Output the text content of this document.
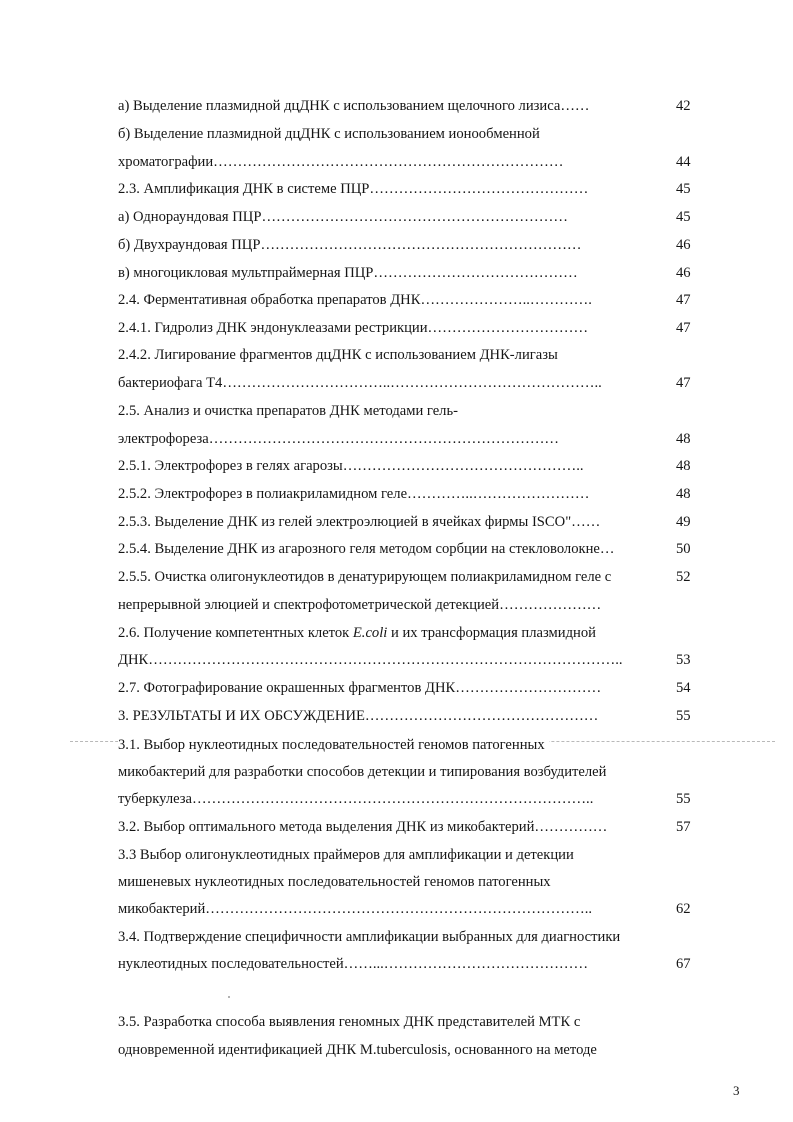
а) Выделение плазмидной дцДНК с использованием щелочного лизиса……	42
б) Выделение плазмидной дцДНК с использованием ионообменной
хроматографии………………………………………………………………	44
2.3. Амплификация ДНК в системе ПЦР………………………………………	45
а) Однораундовая ПЦР………………………………………………………	45
б) Двухраундовая ПЦР…………………………………………………………	46
в) многоцикловая мультпраймерная ПЦР……………………………………	46
2.4. Ферментативная обработка препаратов ДНК…………………..………….	47
2.4.1. Гидролиз ДНК эндонуклеазами рестрикции……………………………	47
2.4.2. Лигирование фрагментов дцДНК с использованием ДНК-лигазы
бактериофага Т4……………………………..……………………………………..	47
2.5. Анализ и очистка препаратов ДНК методами гель-
электрофореза………………………………………………………………	48
2.5.1. Электрофорез в гелях агарозы…………………………………………..	48
2.5.2. Электрофорез в полиакриламидном геле…………..……………………	48
2.5.3. Выделение ДНК из гелей электроэлюцией в ячейках фирмы ISCO"……	49
2.5.4. Выделение ДНК из агарозного геля методом сорбции на стекловолокне…	50
2.5.5. Очистка олигонуклеотидов в денатурирующем полиакриламидном геле с	52
непрерывной элюцией и спектрофотометрической детекцией…………………
2.6. Получение компетентных клеток E.coli и их трансформация плазмидной
ДНК……………………………………………………………………………………..	53
2.7. Фотографирование окрашенных фрагментов ДНК…………………………	54
3. РЕЗУЛЬТАТЫ И ИХ ОБСУЖДЕНИЕ…………………………………………	55
3.1. Выбор нуклеотидных последовательностей геномов патогенных
микобактерий для разработки способов детекции и типирования возбудителей
туберкулеза………………………………………………………………………..	55
3.2. Выбор оптимального метода выделения ДНК из микобактерий……………	57
3.3 Выбор олигонуклеотидных праймеров для амплификации и детекции
мишеневых нуклеотидных последовательностей геномов патогенных
микобактерий……………………………………………………………………..	62
3.4. Подтверждение специфичности амплификации выбранных для диагностики
нуклеотидных последовательностей……...……………………………………	67
3.5. Разработка способа выявления геномных ДНК представителей МТК с
одновременной идентификацией ДНК M.tuberculosis, основанного на методе
3
